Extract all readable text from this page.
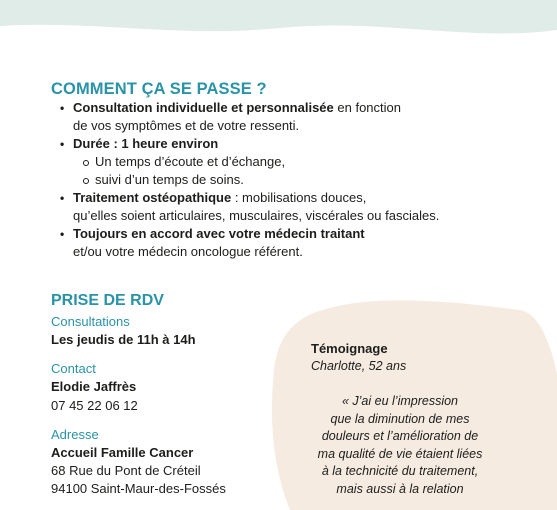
COMMENT ÇA SE PASSE ?
• Consultation individuelle et personnalisée en fonction
de vos symptômes et de votre ressenti.
• Durée : 1 heure environ
Un temps d’écoute et d’échange,
suivi d’un temps de soins.
• Traitement ostéopathique : mobilisations douces,
qu’elles soient articulaires, musculaires, viscérales ou fasciales.
• Toujours en accord avec votre médecin traitant
et/ou votre médecin oncologue référent.
PRISE DE RDV
Consultations
Les jeudis de 11h à 14h
Contact
Elodie Jaffrès
07 45 22 06 12
Adresse
Accueil Famille Cancer
68 Rue du Pont de Créteil
94100 Saint-Maur-des-Fossés
Témoignage
Charlotte, 52 ans
« J’ai eu l’impression
que la diminution de mes
douleurs et l’amélioration de
ma qualité de vie étaient liées
à la technicité du traitement,
mais aussi à la relation
